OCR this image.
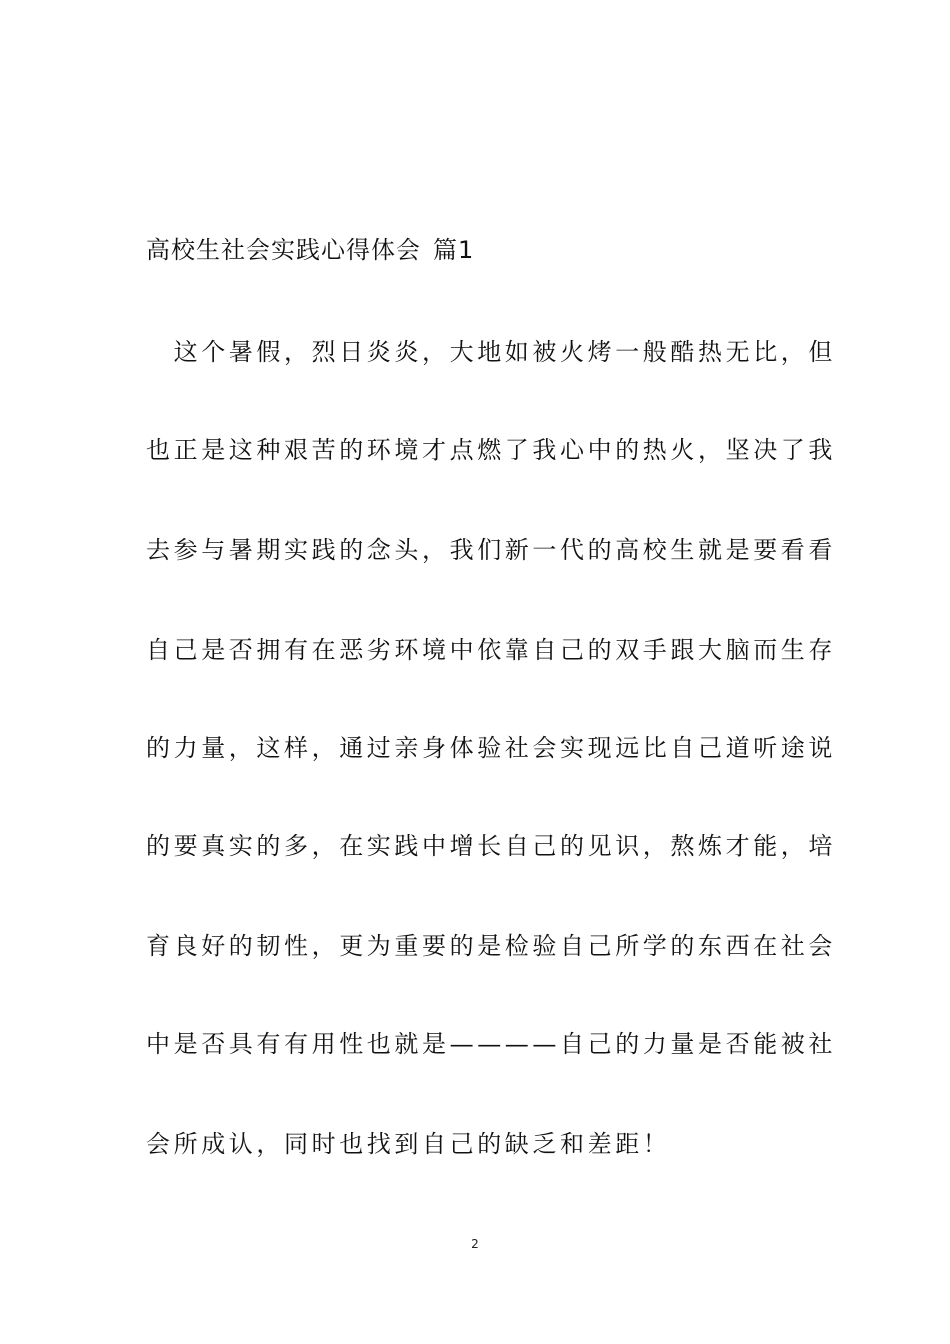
高校生社会实践心得体会 篇1
　这个暑假，烈日炎炎，大地如被火烤一般酷热无比，但
也正是这种艰苦的环境才点燃了我心中的热火，坚决了我
去参与暑期实践的念头，我们新一代的高校生就是要看看
自己是否拥有在恶劣环境中依靠自己的双手跟大脑而生存
的力量，这样，通过亲身体验社会实现远比自己道听途说
的要真实的多，在实践中增长自己的见识，熬炼才能，培
育良好的韧性，更为重要的是检验自己所学的东西在社会
中是否具有有用性也就是————自己的力量是否能被社
会所成认，同时也找到自己的缺乏和差距！
2
